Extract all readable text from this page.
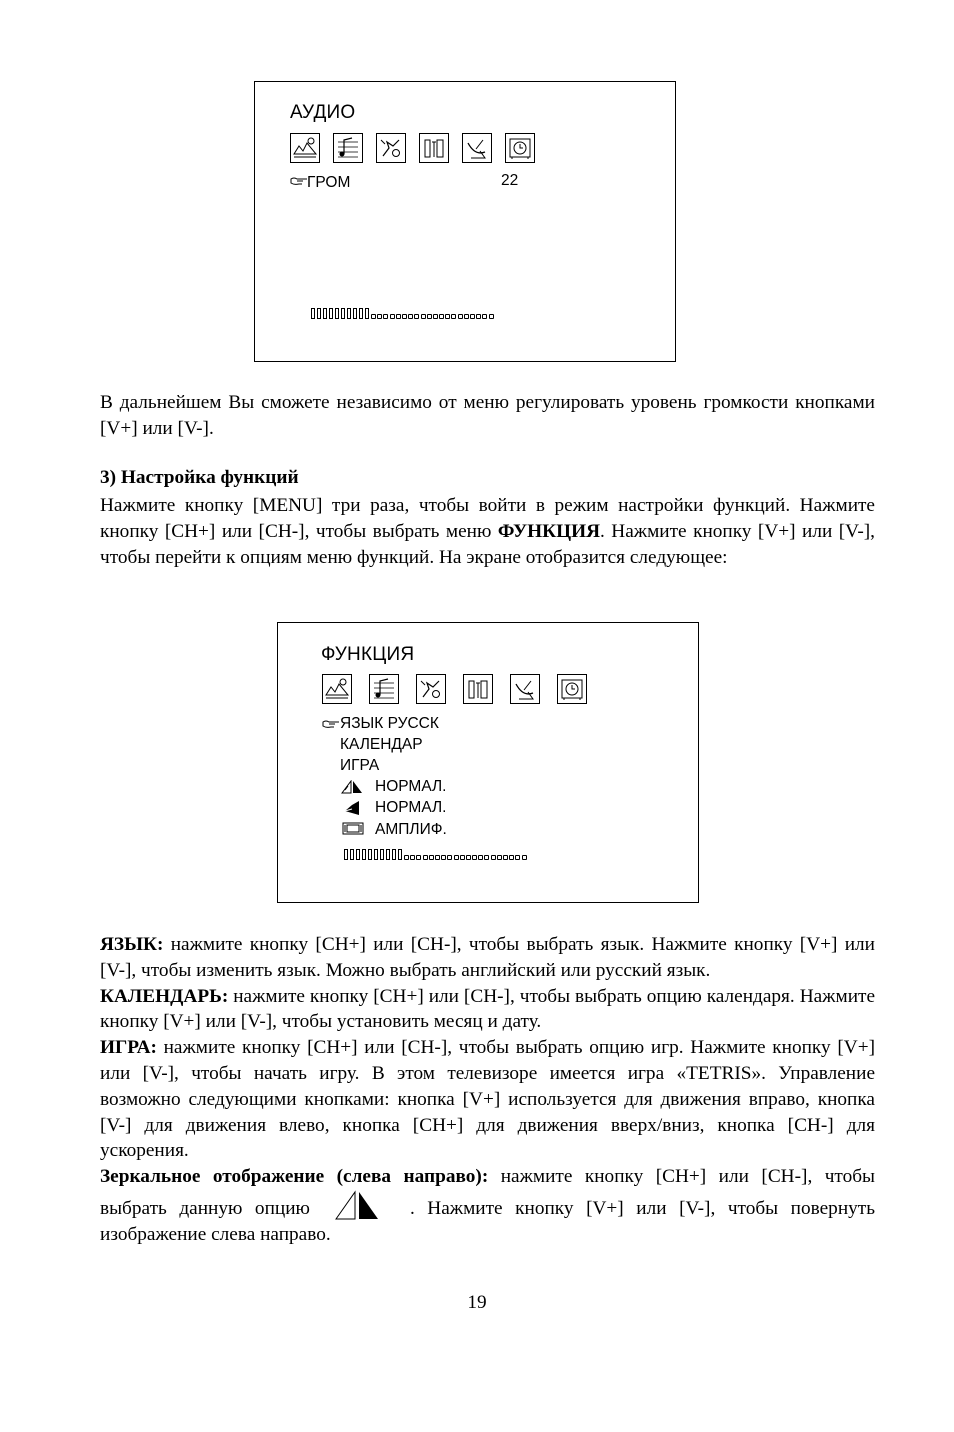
АУДИО
ГРОМ	22

В дальнейшем Вы сможете независимо от меню регулировать уровень громкости кнопками [V+] или [V-].

3) Настройка функций

Нажмите кнопку [MENU] три раза, чтобы войти в режим настройки функций. Нажмите кнопку [CH+] или [CH-], чтобы выбрать меню ФУНКЦИЯ. Нажмите кнопку [V+] или [V-], чтобы перейти к опциям меню функций. На экране отобразится следующее:

ФУНКЦИЯ
ЯЗЫК РУССК
КАЛЕНДАР
ИГРА
НОРМАЛ.
НОРМАЛ.
АМПЛИФ.

ЯЗЫК: нажмите кнопку [CH+] или [CH-], чтобы выбрать язык. Нажмите кнопку [V+] или [V-], чтобы изменить язык. Можно выбрать английский или русский язык.

КАЛЕНДАРЬ: нажмите кнопку [CH+] или [CH-], чтобы выбрать опцию календаря. Нажмите кнопку [V+] или [V-], чтобы установить месяц и дату.

ИГРА: нажмите кнопку [CH+] или [CH-], чтобы выбрать опцию игр. Нажмите кнопку [V+] или [V-], чтобы начать игру. В этом телевизоре имеется игра «TETRIS». Управление возможно следующими кнопками: кнопка [V+] используется для движения вправо, кнопка [V-] для движения влево, кнопка [CH+] для движения вверх/вниз, кнопка [CH-] для ускорения.

Зеркальное отображение (слева направо): нажмите кнопку [CH+] или [CH-], чтобы выбрать данную опцию	. Нажмите кнопку [V+] или [V-], чтобы повернуть изображение слева направо.

19
